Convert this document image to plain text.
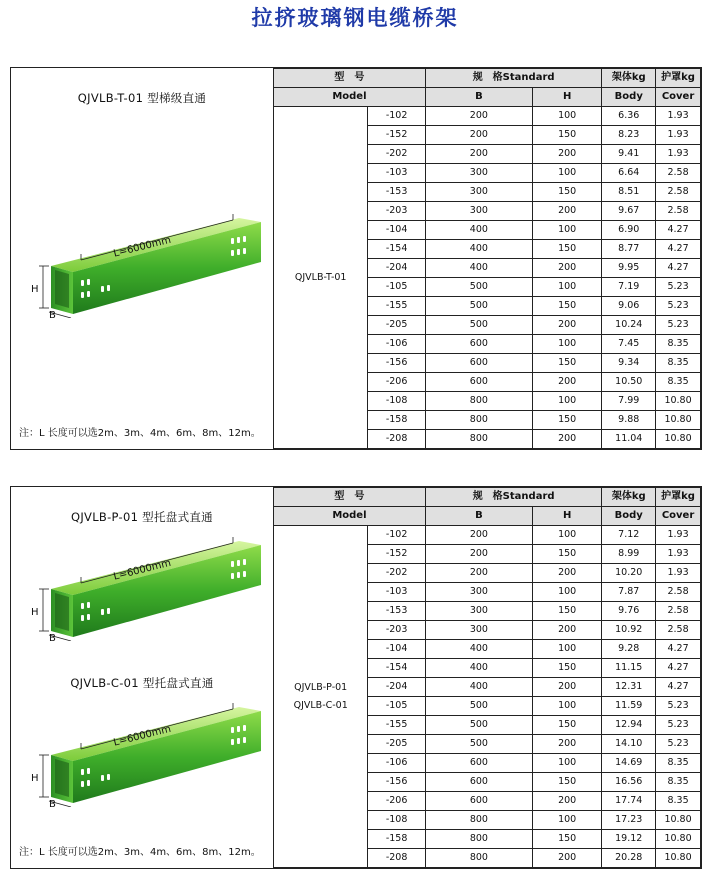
拉挤玻璃钢电缆桥架
QJVLB-T-01 型梯级直通
L=6000mm
H
B
注：L 长度可以选2m、3m、4m、6m、8m、12m。
型　号		规　格Standard		架体kg	护罩kg
Model		B	H	Body	Cover

QJVLB-T-01	-102	200	100	6.36	1.93
	-152	200	150	8.23	1.93
	-202	200	200	9.41	1.93
	-103	300	100	6.64	2.58
	-153	300	150	8.51	2.58
	-203	300	200	9.67	2.58
	-104	400	100	6.90	4.27
	-154	400	150	8.77	4.27
	-204	400	200	9.95	4.27
	-105	500	100	7.19	5.23
	-155	500	150	9.06	5.23
	-205	500	200	10.24	5.23
	-106	600	100	7.45	8.35
	-156	600	150	9.34	8.35
	-206	600	200	10.50	8.35
	-108	800	100	7.99	10.80
	-158	800	150	9.88	10.80
	-208	800	200	11.04	10.80
QJVLB-P-01 型托盘式直通
L=6000mm
H
B
QJVLB-C-01 型托盘式直通
L=6000mm
H
B
注：L 长度可以选2m、3m、4m、6m、8m、12m。
型　号		规　格Standard		架体kg	护罩kg
Model		B	H	Body	Cover

QJVLB-P-01
QJVLB-C-01	-102	200	100	7.12	1.93
	-152	200	150	8.99	1.93
	-202	200	200	10.20	1.93
	-103	300	100	7.87	2.58
	-153	300	150	9.76	2.58
	-203	300	200	10.92	2.58
	-104	400	100	9.28	4.27
	-154	400	150	11.15	4.27
	-204	400	200	12.31	4.27
	-105	500	100	11.59	5.23
	-155	500	150	12.94	5.23
	-205	500	200	14.10	5.23
	-106	600	100	14.69	8.35
	-156	600	150	16.56	8.35
	-206	600	200	17.74	8.35
	-108	800	100	17.23	10.80
	-158	800	150	19.12	10.80
	-208	800	200	20.28	10.80
